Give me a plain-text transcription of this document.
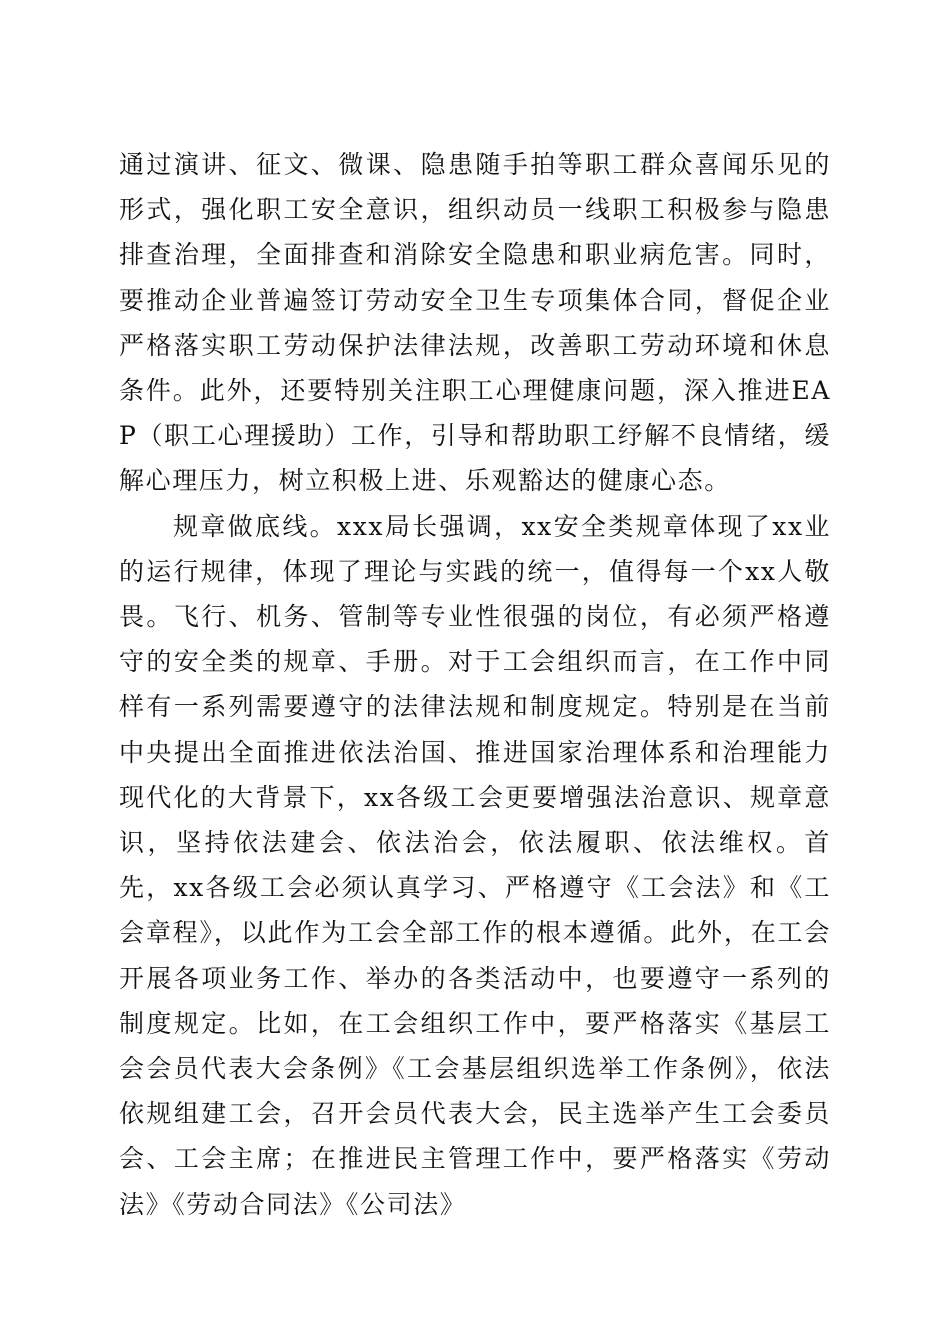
通过演讲、征文、微课、隐患随手拍等职工群众喜闻乐见的形式，强化职工安全意识，组织动员一线职工积极参与隐患排查治理，全面排查和消除安全隐患和职业病危害。同时，要推动企业普遍签订劳动安全卫生专项集体合同，督促企业严格落实职工劳动保护法律法规，改善职工劳动环境和休息条件。此外，还要特别关注职工心理健康问题，深入推进EAP（职工心理援助）工作，引导和帮助职工纾解不良情绪，缓解心理压力，树立积极上进、乐观豁达的健康心态。

规章做底线。xxx局长强调，xx安全类规章体现了xx业的运行规律，体现了理论与实践的统一，值得每一个xx人敬畏。飞行、机务、管制等专业性很强的岗位，有必须严格遵守的安全类的规章、手册。对于工会组织而言，在工作中同样有一系列需要遵守的法律法规和制度规定。特别是在当前中央提出全面推进依法治国、推进国家治理体系和治理能力现代化的大背景下，xx各级工会更要增强法治意识、规章意识，坚持依法建会、依法治会，依法履职、依法维权。首先，xx各级工会必须认真学习、严格遵守《工会法》和《工会章程》，以此作为工会全部工作的根本遵循。此外，在工会开展各项业务工作、举办的各类活动中，也要遵守一系列的制度规定。比如，在工会组织工作中，要严格落实《基层工会会员代表大会条例》《工会基层组织选举工作条例》，依法依规组建工会，召开会员代表大会，民主选举产生工会委员会、工会主席；在推进民主管理工作中，要严格落实《劳动法》《劳动合同法》《公司法》
